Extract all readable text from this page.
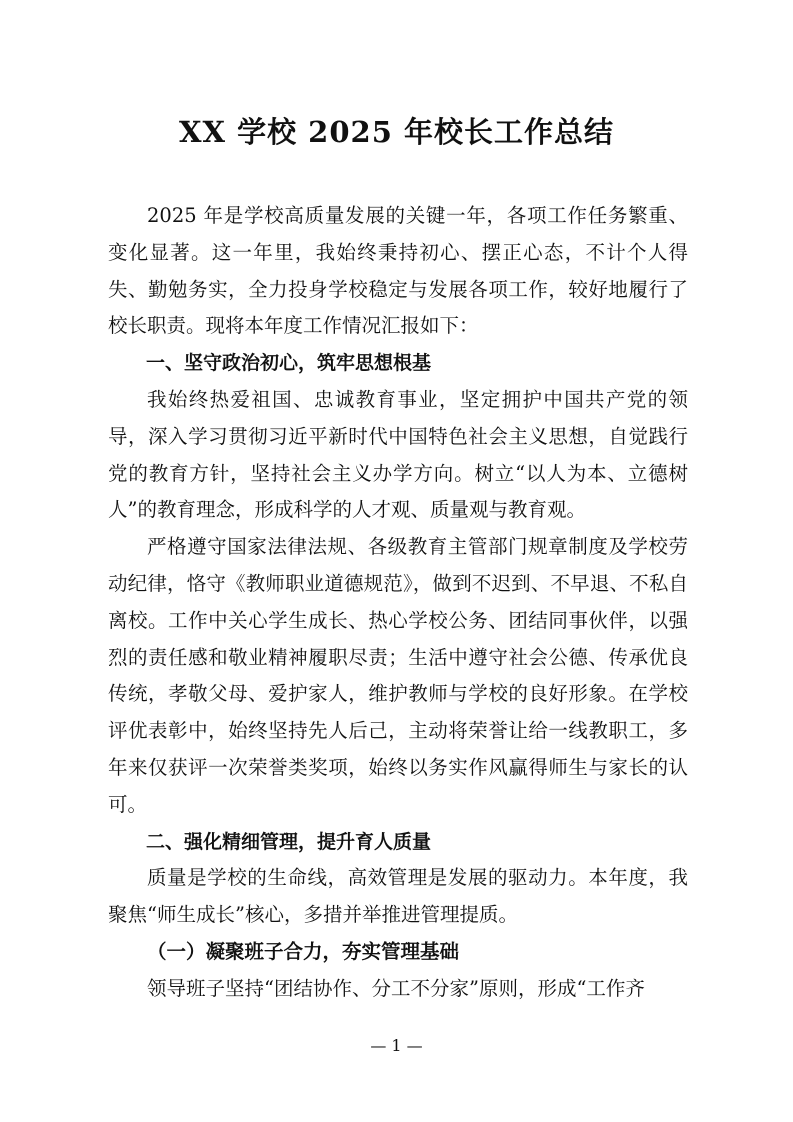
XX 学校 2025 年校长工作总结

2025 年是学校高质量发展的关键一年，各项工作任务繁重、变化显著。这一年里，我始终秉持初心、摆正心态，不计个人得失、勤勉务实，全力投身学校稳定与发展各项工作，较好地履行了校长职责。现将本年度工作情况汇报如下：

一、坚守政治初心，筑牢思想根基

我始终热爱祖国、忠诚教育事业，坚定拥护中国共产党的领导，深入学习贯彻习近平新时代中国特色社会主义思想，自觉践行党的教育方针，坚持社会主义办学方向。树立“以人为本、立德树人”的教育理念，形成科学的人才观、质量观与教育观。

严格遵守国家法律法规、各级教育主管部门规章制度及学校劳动纪律，恪守《教师职业道德规范》，做到不迟到、不早退、不私自离校。工作中关心学生成长、热心学校公务、团结同事伙伴，以强烈的责任感和敬业精神履职尽责；生活中遵守社会公德、传承优良传统，孝敬父母、爱护家人，维护教师与学校的良好形象。在学校评优表彰中，始终坚持先人后己，主动将荣誉让给一线教职工，多年来仅获评一次荣誉类奖项，始终以务实作风赢得师生与家长的认可。

二、强化精细管理，提升育人质量

质量是学校的生命线，高效管理是发展的驱动力。本年度，我聚焦“师生成长”核心，多措并举推进管理提质。

（一）凝聚班子合力，夯实管理基础

领导班子坚持“团结协作、分工不分家”原则，形成“工作齐

— 1 —
